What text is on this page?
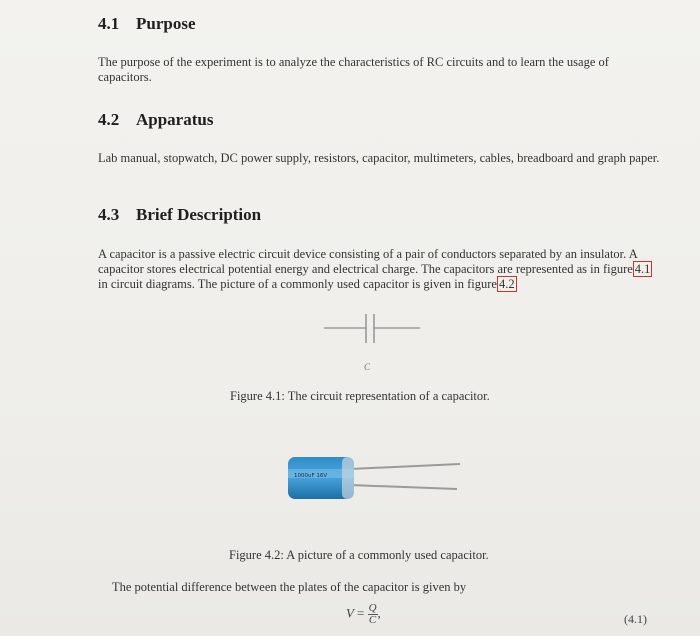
4.1 Purpose

The purpose of the experiment is to analyze the characteristics of RC circuits and to learn the usage of capacitors.

4.2 Apparatus

Lab manual, stopwatch, DC power supply, resistors, capacitor, multimeters, cables, breadboard and graph paper.

4.3 Brief Description

A capacitor is a passive electric circuit device consisting of a pair of conductors separated by an insulator. A capacitor stores electrical potential energy and electrical charge. The capacitors are represented as in figure 4.1 in circuit diagrams. The picture of a commonly used capacitor is given in figure 4.2

C

Figure 4.1: The circuit representation of a capacitor.

1000uF 16V

Figure 4.2: A picture of a commonly used capacitor.

The potential difference between the plates of the capacitor is given by

$V = \frac{Q}{C}$ ,	(4.1)
